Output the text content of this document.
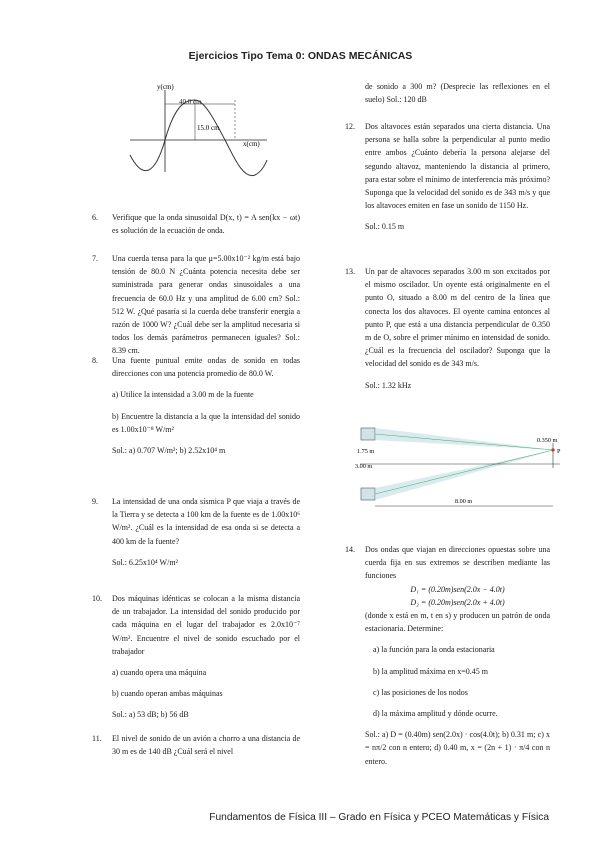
Ejercicios Tipo Tema 0: ONDAS MECÁNICAS
y(cm)
x(cm)
40.0 cm
15.0 cm
1.75 m
3.00 m
0.350 m
P
8.00 m
6. Verifique que la onda sinusoidal D(x, t) = A sen(kx − ωt) es solución de la ecuación de onda.

7. Una cuerda tensa para la que μ=5.00x10⁻² kg/m está bajo tensión de 80.0 N ¿Cuánta potencia necesita debe ser suministrada para generar ondas sinusoidales a una frecuencia de 60.0 Hz y una amplitud de 6.00 cm? Sol.: 512 W. ¿Qué pasaría si la cuerda debe transferir energía a razón de 1000 W? ¿Cuál debe ser la amplitud necesaria si todos los demás parámetros permanecen iguales? Sol.: 8.39 cm.

8. Una fuente puntual emite ondas de sonido en todas direcciones con una potencia promedio de 80.0 W.

a) Utilice la intensidad a 3.00 m de la fuente

b) Encuentre la distancia a la que la intensidad del sonido es 1.00x10⁻⁸ W/m²

Sol.: a) 0.707 W/m²; b) 2.52x10⁴ m

9. La intensidad de una onda sísmica P que viaja a través de la Tierra y se detecta a 100 km de la fuente es de 1.00x10⁶ W/m². ¿Cuál es la intensidad de esa onda si se detecta a 400 km de la fuente?

Sol.: 6.25x10⁴ W/m²

10. Dos máquinas idénticas se colocan a la misma distancia de un trabajador. La intensidad del sonido producido por cada máquina en el lugar del trabajador es 2.0x10⁻⁷ W/m². Encuentre el nivel de sonido escuchado por el trabajador

a) cuando opera una máquina

b) cuando operan ambas máquinas

Sol.: a) 53 dB; b) 56 dB

11. El nivel de sonido de un avión a chorro a una distancia de 30 m es de 140 dB ¿Cuál será el nivel

de sonido a 300 m? (Desprecie las reflexiones en el suelo) Sol.: 120 dB
12. Dos altavoces están separados una cierta distancia. Una persona se halla sobre la perpendicular al punto medio entre ambos ¿Cuánto debería la persona alejarse del segundo altavoz, manteniendo la distancia al primero, para estar sobre el mínimo de interferencia más próximo? Suponga que la velocidad del sonido es de 343 m/s y que los altavoces emiten en fase un sonido de 1150 Hz.

Sol.: 0.15 m

13. Un par de altavoces separados 3.00 m son excitados por el mismo oscilador. Un oyente está originalmente en el punto O, situado a 8.00 m del centro de la línea que conecta los dos altavoces. El oyente camina entonces al punto P, que está a una distancia perpendicular de 0.350 m de O, sobre el primer mínimo en intensidad de sonido. ¿Cuál es la frecuencia del oscilador? Suponga que la velocidad del sonido es de 343 m/s.

Sol.: 1.32 kHz

14. Dos ondas que viajan en direcciones opuestas sobre una cuerda fija en sus extremos se describen mediante las funciones

D₁ = (0.20m)sen(2.0x − 4.0t)

D₂ = (0.20m)sen(2.0x + 4.0t)

(donde x está en m, t en s) y producen un patrón de onda estacionaria. Determine:

a) la función para la onda estacionaria

b) la amplitud máxima en x=0.45 m

c) las posiciones de los nodos

d) la máxima amplitud y dónde ocurre.

Sol.: a) D = (0.40m) sen(2.0x) · cos(4.0t); b) 0.31 m; c) x = nπ/2 con n entero; d) 0.40 m, x = (2n + 1) · π/4 con n entero.

Fundamentos de Física III – Grado en Física y PCEO Matemáticas y Física
